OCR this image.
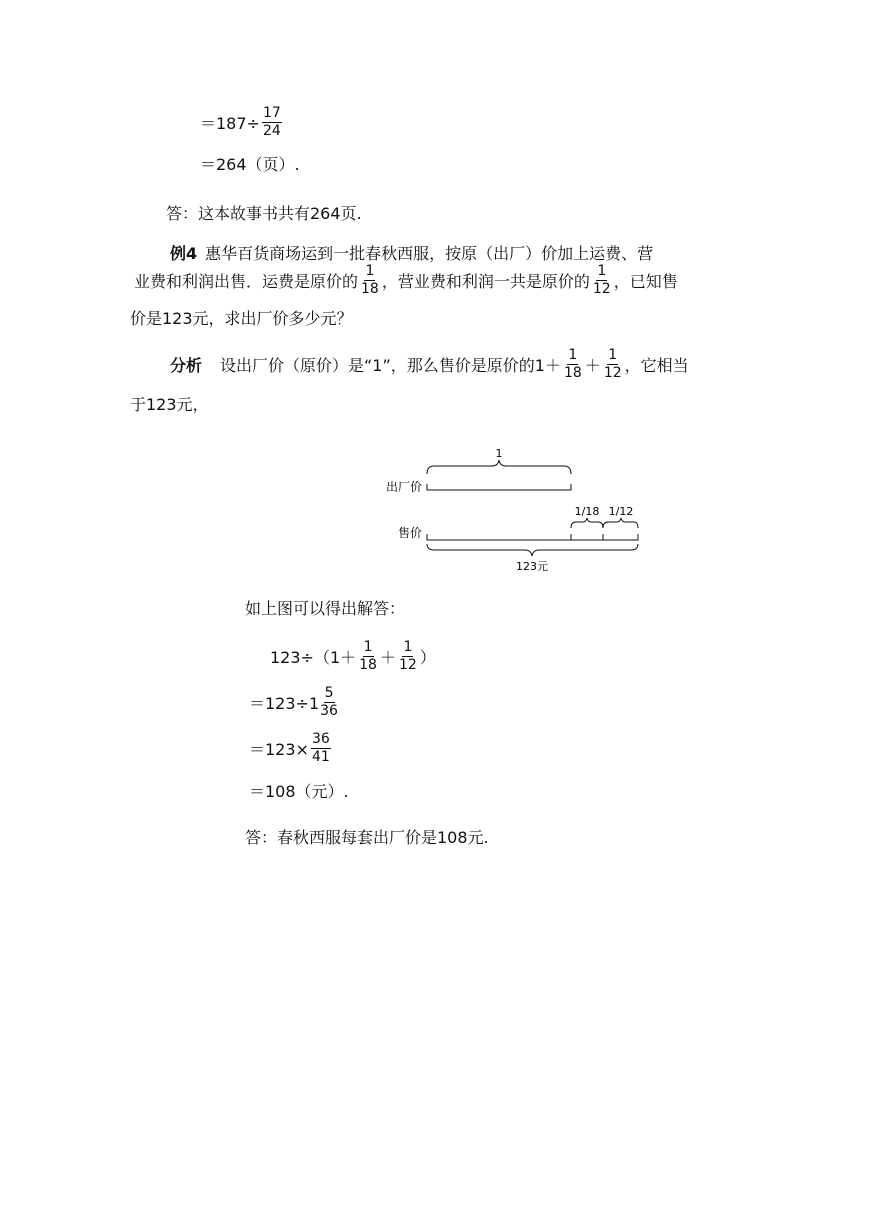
$=187\div \frac{17}{24}$
＝264（页）.
答：这本故事书共有264页.
例4 惠华百货商场运到一批春秋西服，按原（出厂）价加上运费、营
业费和利润出售．运费是原价的 $\frac{1}{18}$ ，营业费和利润一共是原价的 $\frac{1}{12}$ ，已知售
价是123元，求出厂价多少元？
分析 设出厂价（原价）是“1”，那么售价是原价的$1+ \frac{1}{18} + \frac{1}{12}$ ，它相当
于123元，
1
出厂价
售价
1/18 1/12
123元
如上图可以得出解答：
$123\div(1+ \frac{1}{18} + \frac{1}{12}$ ）
$=123\div 1 \frac{5}{36}$
$=123\times \frac{36}{41}$
＝108（元）.
答：春秋西服每套出厂价是108元.
